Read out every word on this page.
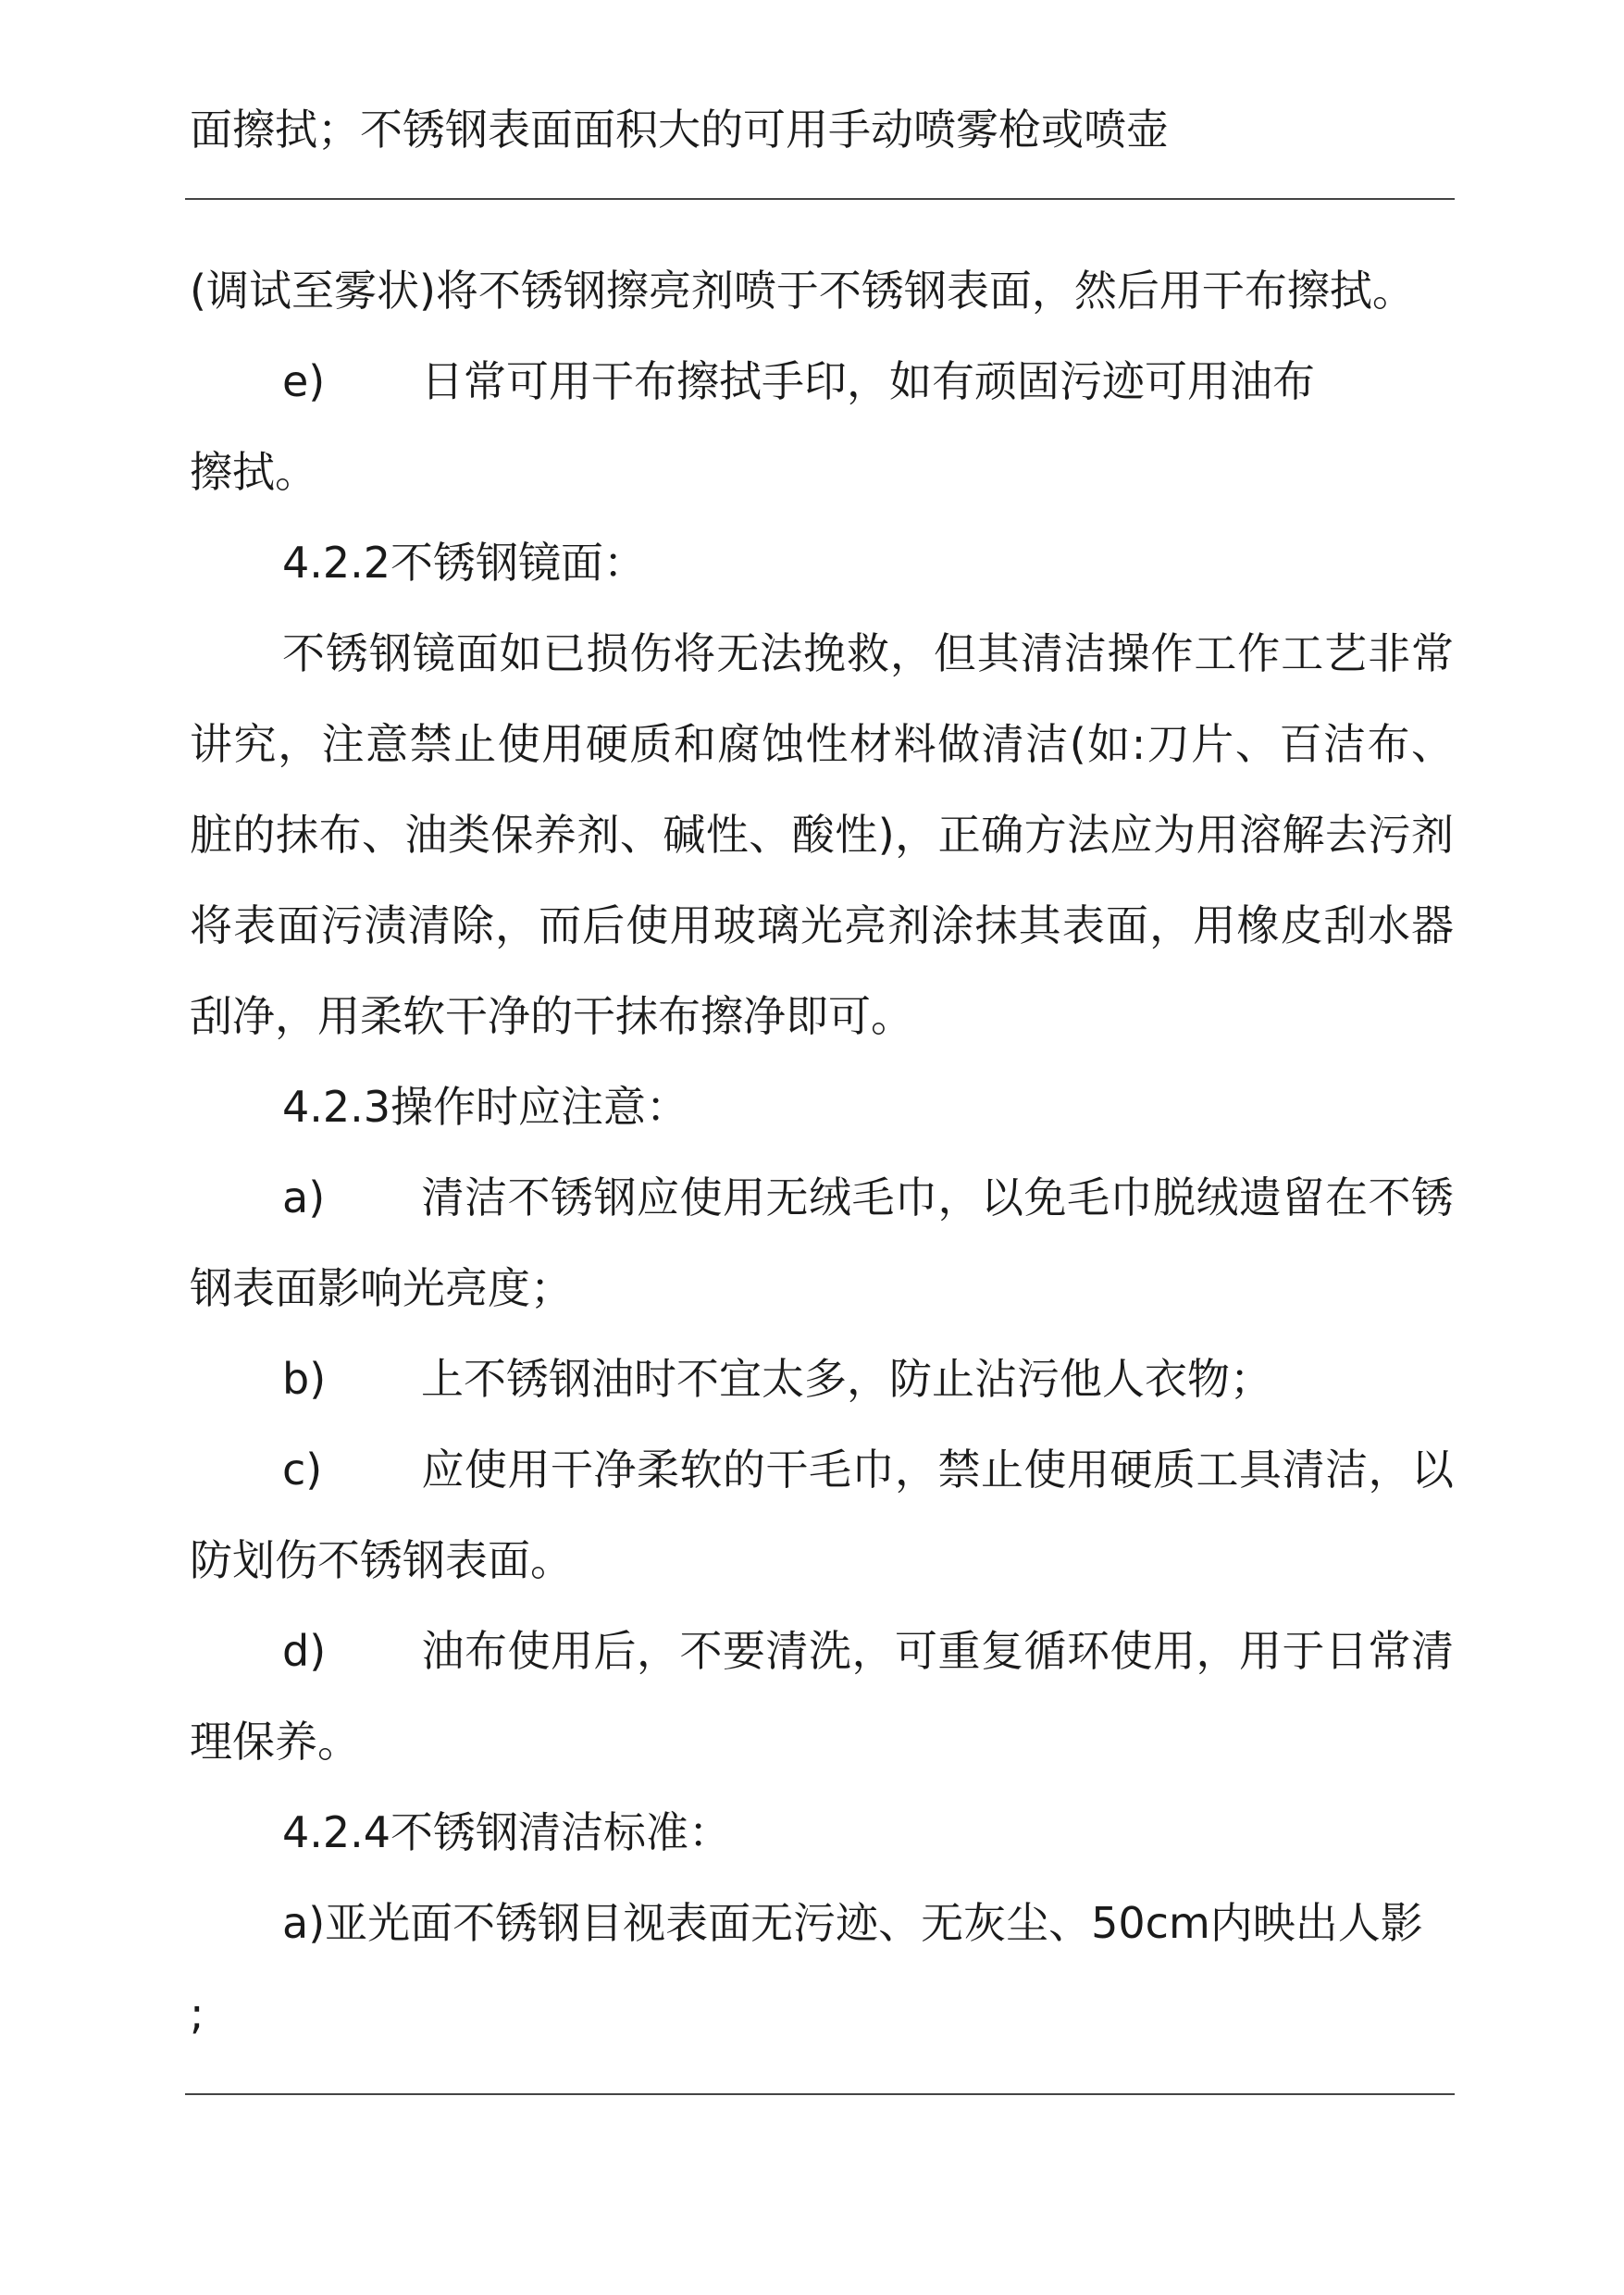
面擦拭；不锈钢表面面积大的可用手动喷雾枪或喷壶

(调试至雾状)将不锈钢擦亮剂喷于不锈钢表面，然后用干布擦拭。

e) 日常可用干布擦拭手印，如有顽固污迹可用油布

擦拭。

4.2.2不锈钢镜面：

不锈钢镜面如已损伤将无法挽救，但其清洁操作工作工艺非常讲究，注意禁止使用硬质和腐蚀性材料做清洁(如:刀片、百洁布、脏的抹布、油类保养剂、碱性、酸性)，正确方法应为用溶解去污剂将表面污渍清除，而后使用玻璃光亮剂涂抹其表面，用橡皮刮水器刮净，用柔软干净的干抹布擦净即可。

4.2.3操作时应注意：

a) 清洁不锈钢应使用无绒毛巾，以免毛巾脱绒遗留在不锈钢表面影响光亮度；

b) 上不锈钢油时不宜太多，防止沾污他人衣物；

c) 应使用干净柔软的干毛巾，禁止使用硬质工具清洁，以防划伤不锈钢表面。

d) 油布使用后，不要清洗，可重复循环使用，用于日常清理保养。

4.2.4不锈钢清洁标准：

a)亚光面不锈钢目视表面无污迹、无灰尘、50cm内映出人影

;
